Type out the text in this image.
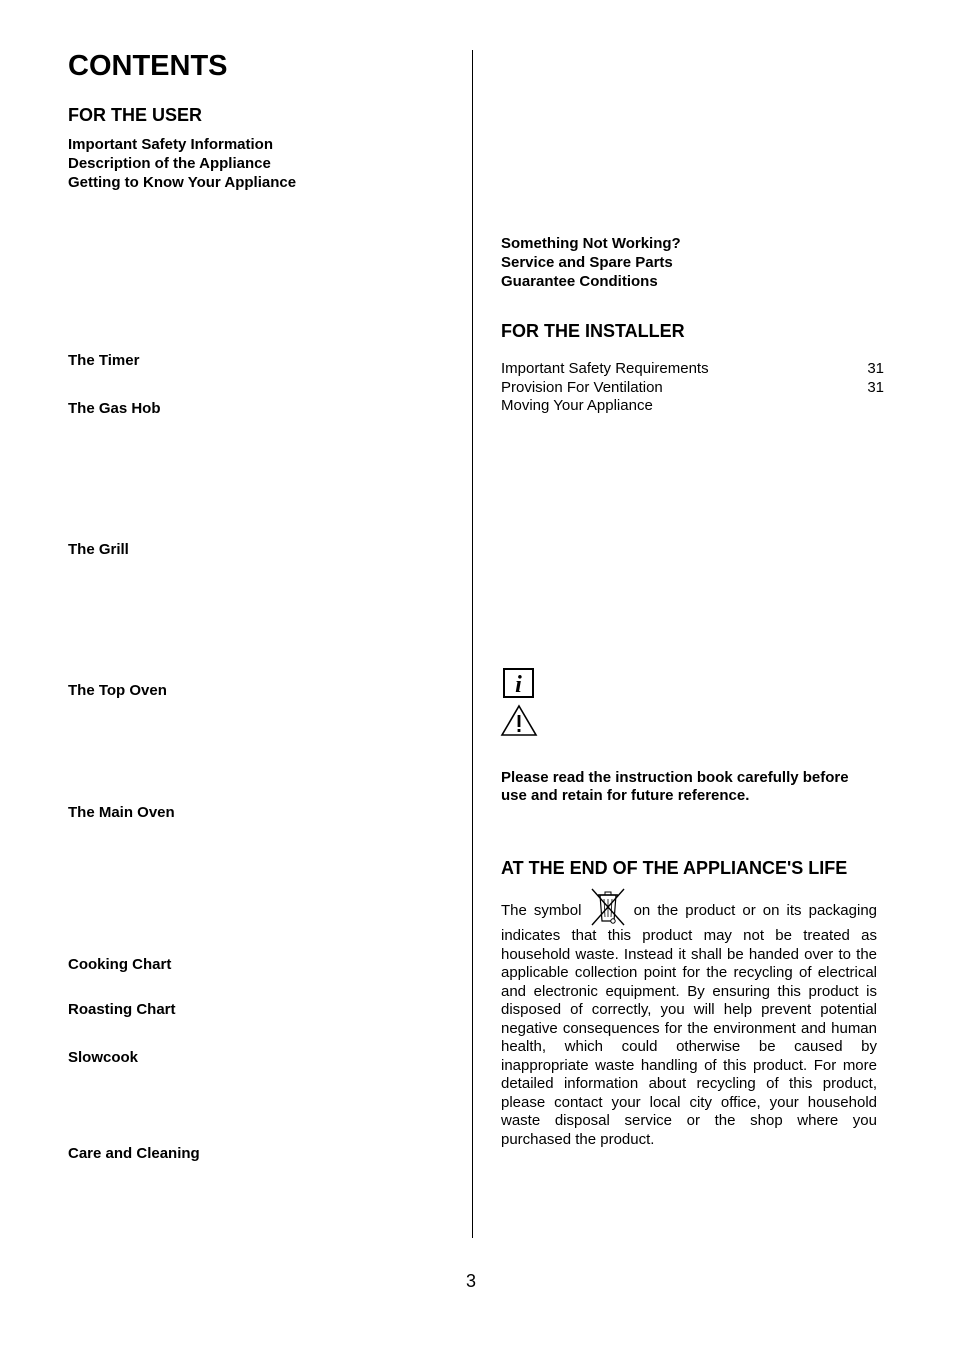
CONTENTS
FOR THE USER
Important Safety Information
Description of the Appliance
Getting to Know Your Appliance
The Timer
The Gas Hob
The Grill
The Top Oven
The Main Oven
Cooking Chart
Roasting Chart
Slowcook
Care and Cleaning
Something Not Working?
Service and Spare Parts
Guarantee Conditions
FOR THE INSTALLER
Important Safety Requirements	31
Provision For Ventilation	31
Moving Your Appliance
i
Please read the instruction book carefully before
use and retain for future reference.
AT THE END OF THE APPLIANCE'S LIFE
The symbol	on the product or on its packaging indicates that this product may not be treated as household waste. Instead it shall be handed over to the applicable collection point for the recycling of electrical and electronic equipment. By ensuring this product is disposed of correctly, you will help prevent potential negative consequences for the environment and human health, which could otherwise be caused by inappropriate waste handling of this product. For more detailed information about recycling of this product, please contact your local city office, your household waste disposal service or the shop where you purchased the product.
3
